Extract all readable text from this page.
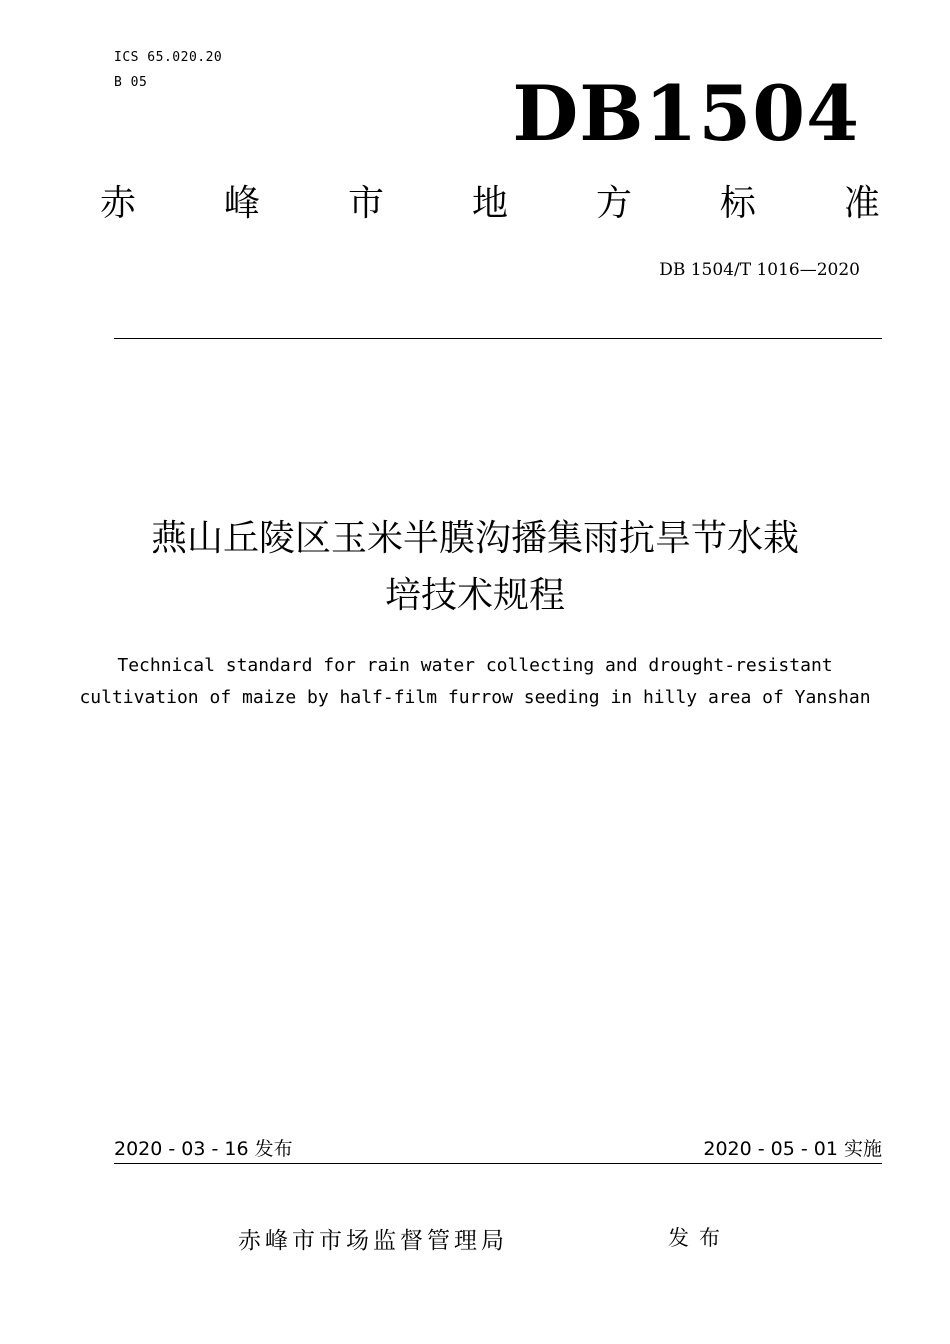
ICS 65.020.20
B 05	DB1504
赤 峰 市 地 方 标 准
DB 1504/T 1016—2020
燕山丘陵区玉米半膜沟播集雨抗旱节水栽
培技术规程
Technical standard for rain water collecting and drought-resistant
cultivation of maize by half-film furrow seeding in hilly area of Yanshan
2020 - 03 - 16 发布	2020 - 05 - 01 实施
赤峰市市场监督管理局	发布
